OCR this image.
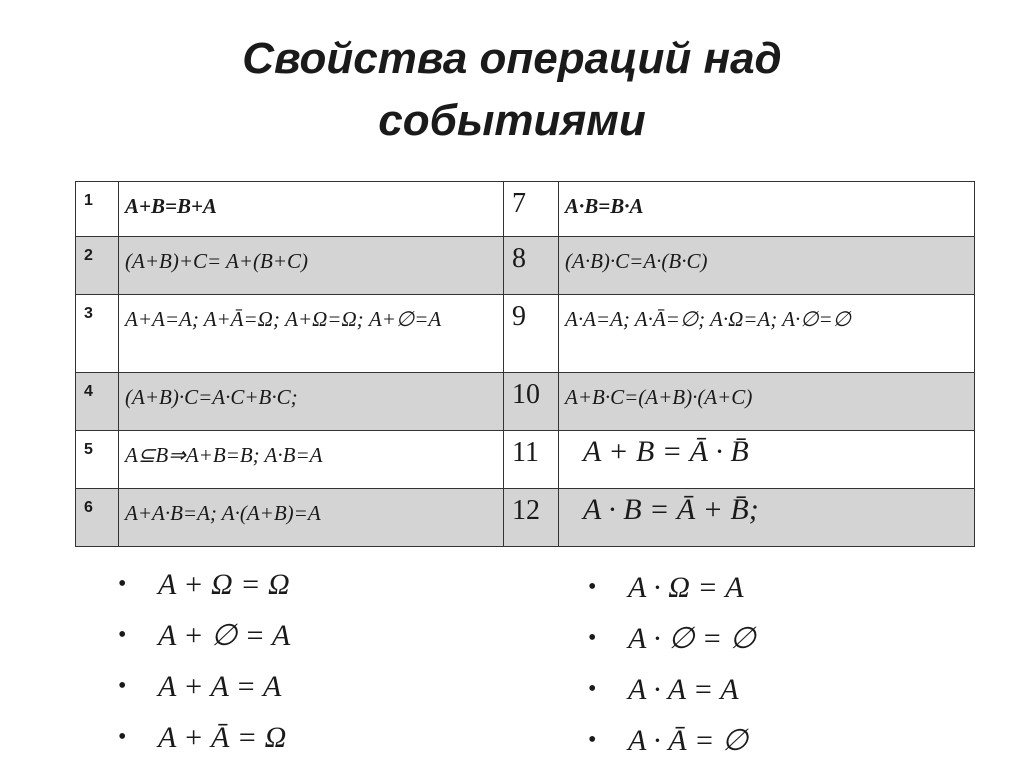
Свойства операций над
событиями
1	A+B=B+A	7	A·B=B·A
2	(A+B)+C= A+(B+C)	8	(A·B)·C=A·(B·C)
3	A+A=A; A+Ā=Ω; A+Ω=Ω; A+∅=A	9	A·A=A; A·Ā=∅; A·Ω=A; A·∅=∅
4	(A+B)·C=A·C+B·C;	10	A+B·C=(A+B)·(A+C)
5	A⊆B⇒A+B=B; A·B=A	11	A + B = Ā · B̄
6	A+A·B=A; A·(A+B)=A	12	A · B = Ā + B̄;
• A + Ω = Ω
• A + ∅ = A
• A + A = A
• A + Ā = Ω
• A · Ω = A
• A · ∅ = ∅
• A · A = A
• A · Ā = ∅
